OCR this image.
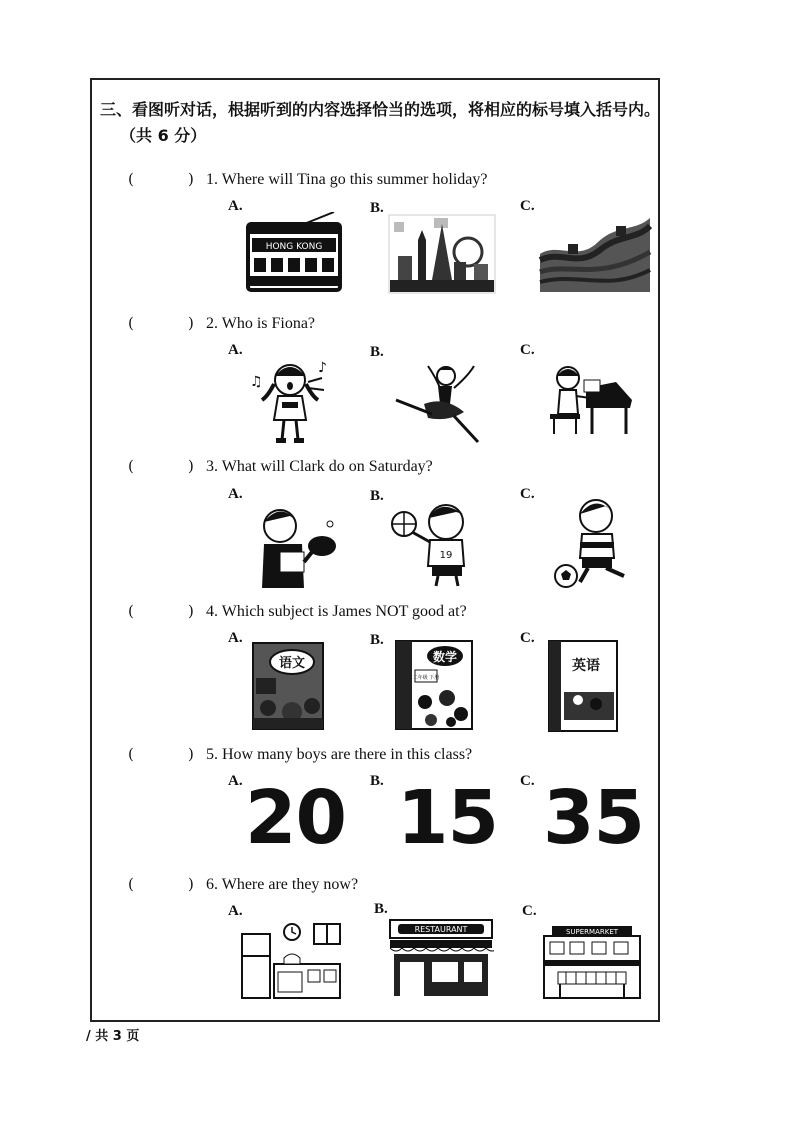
三、看图听对话，根据听到的内容选择恰当的选项，将相应的标号填入括号内。
（共 6 分）
(	) 1. Where will Tina go this summer holiday?
A.	B.	C.
HONG KONG
(	) 2. Who is Fiona?
A.	B.	C.
♫
♪
(	) 3. What will Clark do on Saturday?
A.	B.	C.
19
(	) 4. Which subject is James NOT good at?
A.	B.	C.
语文	数学
二年级 下册
英语
(	) 5. How many boys are there in this class?
A.	B.	C.
20 15 35
(	) 6. Where are they now?
A.	B.	C.
RESTAURANT	SUPERMARKET
/ 共 3 页
